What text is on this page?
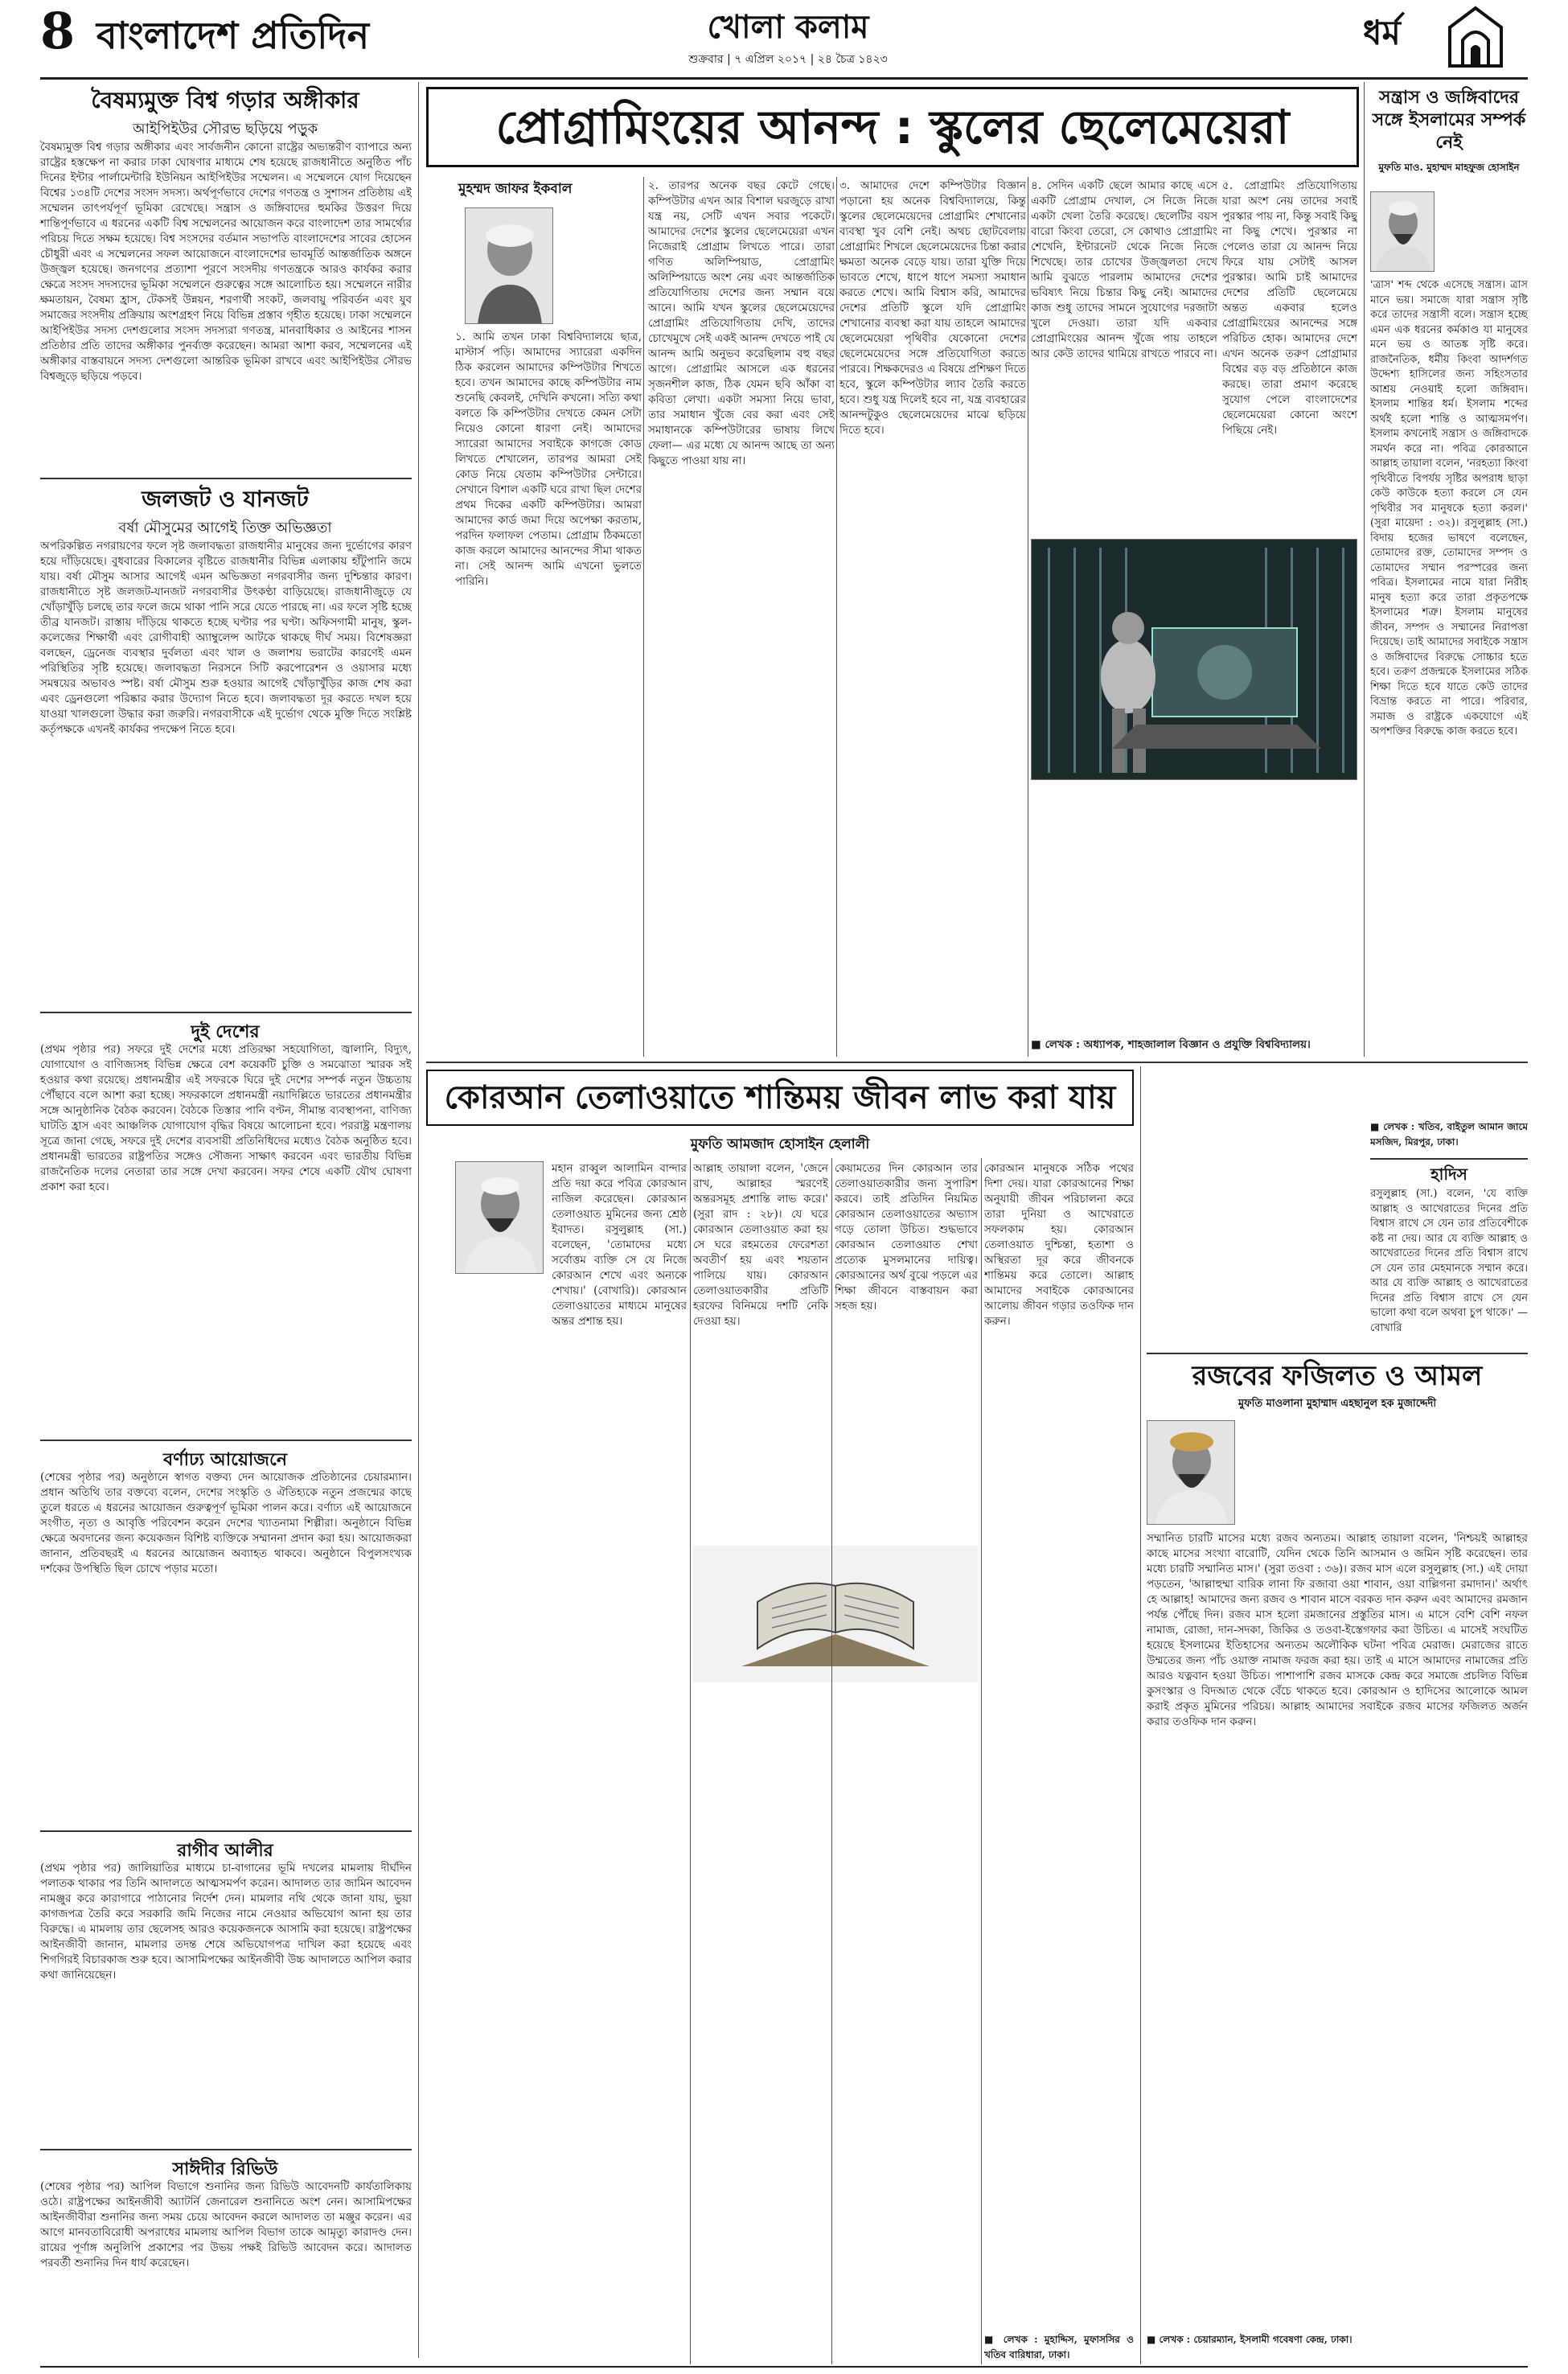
8 বাংলাদেশ প্রতিদিন	খোলা কলাম
শুক্রবার | ৭ এপ্রিল ২০১৭ | ২৪ চৈত্র ১৪২৩
ধর্ম
বৈষম্যমুক্ত বিশ্ব গড়ার অঙ্গীকার
আইপিইউর সৌরভ ছড়িয়ে পড়ুক
বৈষম্যমুক্ত বিশ্ব গড়ার অঙ্গীকার এবং সার্বজনীন কোনো রাষ্ট্রের অভ্যন্তরীণ ব্যাপারে অন্য রাষ্ট্রের হস্তক্ষেপ না করার ঢাকা ঘোষণার মাধ্যমে শেষ হয়েছে রাজধানীতে অনুষ্ঠিত পাঁচ দিনের ইন্টার পার্লামেন্টারি ইউনিয়ন আইপিইউর সম্মেলন। এ সম্মেলনে যোগ দিয়েছেন বিশ্বের ১৩৪টি দেশের সংসদ সদস্য। অর্থপূর্ণভাবে দেশের গণতন্ত্র ও সুশাসন প্রতিষ্ঠায় এই সম্মেলন তাৎপর্যপূর্ণ ভূমিকা রেখেছে। সন্ত্রাস ও জঙ্গিবাদের হুমকির উত্তরণ দিয়ে শান্তিপূর্ণভাবে এ ধরনের একটি বিশ্ব সম্মেলনের আয়োজন করে বাংলাদেশ তার সামর্থ্যের পরিচয় দিতে সক্ষম হয়েছে। বিশ্ব সংসদের বর্তমান সভাপতি বাংলাদেশের সাবের হোসেন চৌধুরী এবং এ সম্মেলনের সফল আয়োজনে বাংলাদেশের ভাবমূর্তি আন্তর্জাতিক অঙ্গনে উজ্জ্বল হয়েছে। জনগণের প্রত্যাশা পূরণে সংসদীয় গণতন্ত্রকে আরও কার্যকর করার ক্ষেত্রে সংসদ সদস্যদের ভূমিকা সম্মেলনে গুরুত্বের সঙ্গে আলোচিত হয়। সম্মেলনে নারীর ক্ষমতায়ন, বৈষম্য হ্রাস, টেকসই উন্নয়ন, শরণার্থী সংকট, জলবায়ু পরিবর্তন এবং যুব সমাজের সংসদীয় প্রক্রিয়ায় অংশগ্রহণ নিয়ে বিভিন্ন প্রস্তাব গৃহীত হয়েছে। ঢাকা সম্মেলনে আইপিইউর সদস্য দেশগুলোর সংসদ সদস্যরা গণতন্ত্র, মানবাধিকার ও আইনের শাসন প্রতিষ্ঠার প্রতি তাদের অঙ্গীকার পুনর্ব্যক্ত করেছেন। আমরা আশা করব, সম্মেলনের এই অঙ্গীকার বাস্তবায়নে সদস্য দেশগুলো আন্তরিক ভূমিকা রাখবে এবং আইপিইউর সৌরভ বিশ্বজুড়ে ছড়িয়ে পড়বে।
জলজট ও যানজট
বর্ষা মৌসুমের আগেই তিক্ত অভিজ্ঞতা
অপরিকল্পিত নগরায়ণের ফলে সৃষ্ট জলাবদ্ধতা রাজধানীর মানুষের জন্য দুর্ভোগের কারণ হয়ে দাঁড়িয়েছে। বুধবারের বিকালের বৃষ্টিতে রাজধানীর বিভিন্ন এলাকায় হাঁটুপানি জমে যায়। বর্ষা মৌসুম আসার আগেই এমন অভিজ্ঞতা নগরবাসীর জন্য দুশ্চিন্তার কারণ। রাজধানীতে সৃষ্ট জলজট-যানজট নগরবাসীর উৎকণ্ঠা বাড়িয়েছে। রাজধানীজুড়ে যে খোঁড়াখুঁড়ি চলছে তার ফলে জমে থাকা পানি সরে যেতে পারছে না। এর ফলে সৃষ্টি হচ্ছে তীব্র যানজট। রাস্তায় দাঁড়িয়ে থাকতে হচ্ছে ঘণ্টার পর ঘণ্টা। অফিসগামী মানুষ, স্কুল-কলেজের শিক্ষার্থী এবং রোগীবাহী অ্যাম্বুলেন্স আটকে থাকছে দীর্ঘ সময়। বিশেষজ্ঞরা বলছেন, ড্রেনেজ ব্যবস্থার দুর্বলতা এবং খাল ও জলাশয় ভরাটের কারণেই এমন পরিস্থিতির সৃষ্টি হয়েছে। জলাবদ্ধতা নিরসনে সিটি করপোরেশন ও ওয়াসার মধ্যে সমন্বয়ের অভাবও স্পষ্ট। বর্ষা মৌসুম শুরু হওয়ার আগেই খোঁড়াখুঁড়ির কাজ শেষ করা এবং ড্রেনগুলো পরিষ্কার করার উদ্যোগ নিতে হবে। জলাবদ্ধতা দূর করতে দখল হয়ে যাওয়া খালগুলো উদ্ধার করা জরুরি। নগরবাসীকে এই দুর্ভোগ থেকে মুক্তি দিতে সংশ্লিষ্ট কর্তৃপক্ষকে এখনই কার্যকর পদক্ষেপ নিতে হবে।
দুই দেশের
(প্রথম পৃষ্ঠার পর) সফরে দুই দেশের মধ্যে প্রতিরক্ষা সহযোগিতা, জ্বালানি, বিদ্যুৎ, যোগাযোগ ও বাণিজ্যসহ বিভিন্ন ক্ষেত্রে বেশ কয়েকটি চুক্তি ও সমঝোতা স্মারক সই হওয়ার কথা রয়েছে। প্রধানমন্ত্রীর এই সফরকে ঘিরে দুই দেশের সম্পর্ক নতুন উচ্চতায় পৌঁছাবে বলে আশা করা হচ্ছে। সফরকালে প্রধানমন্ত্রী নয়াদিল্লিতে ভারতের প্রধানমন্ত্রীর সঙ্গে আনুষ্ঠানিক বৈঠক করবেন। বৈঠকে তিস্তার পানি বণ্টন, সীমান্ত ব্যবস্থাপনা, বাণিজ্য ঘাটতি হ্রাস এবং আঞ্চলিক যোগাযোগ বৃদ্ধির বিষয়ে আলোচনা হবে। পররাষ্ট্র মন্ত্রণালয় সূত্রে জানা গেছে, সফরে দুই দেশের ব্যবসায়ী প্রতিনিধিদের মধ্যেও বৈঠক অনুষ্ঠিত হবে। প্রধানমন্ত্রী ভারতের রাষ্ট্রপতির সঙ্গেও সৌজন্য সাক্ষাৎ করবেন এবং ভারতীয় বিভিন্ন রাজনৈতিক দলের নেতারা তার সঙ্গে দেখা করবেন। সফর শেষে একটি যৌথ ঘোষণা প্রকাশ করা হবে।
বর্ণাঢ্য আয়োজনে
(শেষের পৃষ্ঠার পর) অনুষ্ঠানে স্বাগত বক্তব্য দেন আয়োজক প্রতিষ্ঠানের চেয়ারম্যান। প্রধান অতিথি তার বক্তব্যে বলেন, দেশের সংস্কৃতি ও ঐতিহ্যকে নতুন প্রজন্মের কাছে তুলে ধরতে এ ধরনের আয়োজন গুরুত্বপূর্ণ ভূমিকা পালন করে। বর্ণাঢ্য এই আয়োজনে সংগীত, নৃত্য ও আবৃত্তি পরিবেশন করেন দেশের খ্যাতনামা শিল্পীরা। অনুষ্ঠানে বিভিন্ন ক্ষেত্রে অবদানের জন্য কয়েকজন বিশিষ্ট ব্যক্তিকে সম্মাননা প্রদান করা হয়। আয়োজকরা জানান, প্রতিবছরই এ ধরনের আয়োজন অব্যাহত থাকবে। অনুষ্ঠানে বিপুলসংখ্যক দর্শকের উপস্থিতি ছিল চোখে পড়ার মতো।
রাগীব আলীর
(প্রথম পৃষ্ঠার পর) জালিয়াতির মাধ্যমে চা-বাগানের ভূমি দখলের মামলায় দীর্ঘদিন পলাতক থাকার পর তিনি আদালতে আত্মসমর্পণ করেন। আদালত তার জামিন আবেদন নামঞ্জুর করে কারাগারে পাঠানোর নির্দেশ দেন। মামলার নথি থেকে জানা যায়, ভুয়া কাগজপত্র তৈরি করে সরকারি জমি নিজের নামে নেওয়ার অভিযোগ আনা হয় তার বিরুদ্ধে। এ মামলায় তার ছেলেসহ আরও কয়েকজনকে আসামি করা হয়েছে। রাষ্ট্রপক্ষের আইনজীবী জানান, মামলার তদন্ত শেষে অভিযোগপত্র দাখিল করা হয়েছে এবং শিগগিরই বিচারকাজ শুরু হবে। আসামিপক্ষের আইনজীবী উচ্চ আদালতে আপিল করার কথা জানিয়েছেন।
সাঈদীর রিভিউ
(শেষের পৃষ্ঠার পর) আপিল বিভাগে শুনানির জন্য রিভিউ আবেদনটি কার্যতালিকায় ওঠে। রাষ্ট্রপক্ষের আইনজীবী অ্যাটর্নি জেনারেল শুনানিতে অংশ নেন। আসামিপক্ষের আইনজীবীরা শুনানির জন্য সময় চেয়ে আবেদন করলে আদালত তা মঞ্জুর করেন। এর আগে মানবতাবিরোধী অপরাধের মামলায় আপিল বিভাগ তাকে আমৃত্যু কারাদণ্ড দেন। রায়ের পূর্ণাঙ্গ অনুলিপি প্রকাশের পর উভয় পক্ষই রিভিউ আবেদন করে। আদালত পরবর্তী শুনানির দিন ধার্য করেছেন।
প্রোগ্রামিংয়ের আনন্দ : স্কুলের ছেলেমেয়েরা
মুহম্মদ জাফর ইকবাল
১. আমি তখন ঢাকা বিশ্ববিদ্যালয়ে ছাত্র, মাস্টার্স পড়ি। আমাদের স্যারেরা একদিন ঠিক করলেন আমাদের কম্পিউটার শিখতে হবে। তখন আমাদের কাছে কম্পিউটার নাম শুনেছি কেবলই, দেখিনি কখনো। সত্যি কথা বলতে কি কম্পিউটার দেখতে কেমন সেটা নিয়েও কোনো ধারণা নেই। আমাদের স্যারেরা আমাদের সবাইকে কাগজে কোড লিখতে শেখালেন, তারপর আমরা সেই কোড নিয়ে যেতাম কম্পিউটার সেন্টারে। সেখানে বিশাল একটি ঘরে রাখা ছিল দেশের প্রথম দিকের একটি কম্পিউটার। আমরা আমাদের কার্ড জমা দিয়ে অপেক্ষা করতাম, পরদিন ফলাফল পেতাম। প্রোগ্রাম ঠিকমতো কাজ করলে আমাদের আনন্দের সীমা থাকত না। সেই আনন্দ আমি এখনো ভুলতে পারিনি।
২. তারপর অনেক বছর কেটে গেছে। কম্পিউটার এখন আর বিশাল ঘরজুড়ে রাখা যন্ত্র নয়, সেটি এখন সবার পকেটে। আমাদের দেশের স্কুলের ছেলেমেয়েরা এখন নিজেরাই প্রোগ্রাম লিখতে পারে। তারা গণিত অলিম্পিয়াড, প্রোগ্রামিং অলিম্পিয়াডে অংশ নেয় এবং আন্তর্জাতিক প্রতিযোগিতায় দেশের জন্য সম্মান বয়ে আনে। আমি যখন স্কুলের ছেলেমেয়েদের প্রোগ্রামিং প্রতিযোগিতায় দেখি, তাদের চোখেমুখে সেই একই আনন্দ দেখতে পাই যে আনন্দ আমি অনুভব করেছিলাম বহু বছর আগে। প্রোগ্রামিং আসলে এক ধরনের সৃজনশীল কাজ, ঠিক যেমন ছবি আঁকা বা কবিতা লেখা। একটা সমস্যা নিয়ে ভাবা, তার সমাধান খুঁজে বের করা এবং সেই সমাধানকে কম্পিউটারের ভাষায় লিখে ফেলা— এর মধ্যে যে আনন্দ আছে তা অন্য কিছুতে পাওয়া যায় না।
৩. আমাদের দেশে কম্পিউটার বিজ্ঞান পড়ানো হয় অনেক বিশ্ববিদ্যালয়ে, কিন্তু স্কুলের ছেলেমেয়েদের প্রোগ্রামিং শেখানোর ব্যবস্থা খুব বেশি নেই। অথচ ছোটবেলায় প্রোগ্রামিং শিখলে ছেলেমেয়েদের চিন্তা করার ক্ষমতা অনেক বেড়ে যায়। তারা যুক্তি দিয়ে ভাবতে শেখে, ধাপে ধাপে সমস্যা সমাধান করতে শেখে। আমি বিশ্বাস করি, আমাদের দেশের প্রতিটি স্কুলে যদি প্রোগ্রামিং শেখানোর ব্যবস্থা করা যায় তাহলে আমাদের ছেলেমেয়েরা পৃথিবীর যেকোনো দেশের ছেলেমেয়েদের সঙ্গে প্রতিযোগিতা করতে পারবে। শিক্ষকদেরও এ বিষয়ে প্রশিক্ষণ দিতে হবে, স্কুলে কম্পিউটার ল্যাব তৈরি করতে হবে। শুধু যন্ত্র দিলেই হবে না, যন্ত্র ব্যবহারের আনন্দটুকুও ছেলেমেয়েদের মাঝে ছড়িয়ে দিতে হবে।
৪. সেদিন একটি ছেলে আমার কাছে এসে একটি প্রোগ্রাম দেখাল, সে নিজে নিজে একটা খেলা তৈরি করেছে। ছেলেটির বয়স বারো কিংবা তেরো, সে কোথাও প্রোগ্রামিং শেখেনি, ইন্টারনেট থেকে নিজে নিজে শিখেছে। তার চোখের উজ্জ্বলতা দেখে আমি বুঝতে পারলাম আমাদের দেশের ভবিষ্যৎ নিয়ে চিন্তার কিছু নেই। আমাদের কাজ শুধু তাদের সামনে সুযোগের দরজাটা খুলে দেওয়া। তারা যদি একবার প্রোগ্রামিংয়ের আনন্দ খুঁজে পায় তাহলে আর কেউ তাদের থামিয়ে রাখতে পারবে না।
৫. প্রোগ্রামিং প্রতিযোগিতায় যারা অংশ নেয় তাদের সবাই পুরস্কার পায় না, কিন্তু সবাই কিছু না কিছু শেখে। পুরস্কার না পেলেও তারা যে আনন্দ নিয়ে ফিরে যায় সেটাই আসল পুরস্কার। আমি চাই আমাদের দেশের প্রতিটি ছেলেমেয়ে অন্তত একবার হলেও প্রোগ্রামিংয়ের আনন্দের সঙ্গে পরিচিত হোক। আমাদের দেশে এখন অনেক তরুণ প্রোগ্রামার বিশ্বের বড় বড় প্রতিষ্ঠানে কাজ করছে। তারা প্রমাণ করেছে সুযোগ পেলে বাংলাদেশের ছেলেমেয়েরা কোনো অংশে পিছিয়ে নেই।
■ লেখক : অধ্যাপক, শাহজালাল বিজ্ঞান ও প্রযুক্তি বিশ্ববিদ্যালয়।
সন্ত্রাস ও জঙ্গিবাদের সঙ্গে ইসলামের সম্পর্ক নেই
মুফতি মাও. মুহাম্মদ মাহফুজ হোসাইন
'ত্রাস' শব্দ থেকে এসেছে সন্ত্রাস। ত্রাস মানে ভয়। সমাজে যারা সন্ত্রাস সৃষ্টি করে তাদের সন্ত্রাসী বলে। সন্ত্রাস হচ্ছে এমন এক ধরনের কর্মকাণ্ড যা মানুষের মনে ভয় ও আতঙ্ক সৃষ্টি করে। রাজনৈতিক, ধর্মীয় কিংবা আদর্শগত উদ্দেশ্য হাসিলের জন্য সহিংসতার আশ্রয় নেওয়াই হলো জঙ্গিবাদ। ইসলাম শান্তির ধর্ম। ইসলাম শব্দের অর্থই হলো শান্তি ও আত্মসমর্পণ। ইসলাম কখনোই সন্ত্রাস ও জঙ্গিবাদকে সমর্থন করে না। পবিত্র কোরআনে আল্লাহ তায়ালা বলেন, 'নরহত্যা কিংবা পৃথিবীতে বিপর্যয় সৃষ্টির অপরাধ ছাড়া কেউ কাউকে হত্যা করলে সে যেন পৃথিবীর সব মানুষকে হত্যা করল।' (সুরা মায়েদা : ৩২)। রসুলুল্লাহ (সা.) বিদায় হজের ভাষণে বলেছেন, তোমাদের রক্ত, তোমাদের সম্পদ ও তোমাদের সম্মান পরস্পরের জন্য পবিত্র। ইসলামের নামে যারা নিরীহ মানুষ হত্যা করে তারা প্রকৃতপক্ষে ইসলামের শত্রু। ইসলাম মানুষের জীবন, সম্পদ ও সম্মানের নিরাপত্তা দিয়েছে। তাই আমাদের সবাইকে সন্ত্রাস ও জঙ্গিবাদের বিরুদ্ধে সোচ্চার হতে হবে। তরুণ প্রজন্মকে ইসলামের সঠিক শিক্ষা দিতে হবে যাতে কেউ তাদের বিভ্রান্ত করতে না পারে। পরিবার, সমাজ ও রাষ্ট্রকে একযোগে এই অপশক্তির বিরুদ্ধে কাজ করতে হবে।
■ লেখক : খতিব, বাইতুল আমান জামে মসজিদ, মিরপুর, ঢাকা।
হাদিস
রসুলুল্লাহ (সা.) বলেন, 'যে ব্যক্তি আল্লাহ ও আখেরাতের দিনের প্রতি বিশ্বাস রাখে সে যেন তার প্রতিবেশীকে কষ্ট না দেয়। আর যে ব্যক্তি আল্লাহ ও আখেরাতের দিনের প্রতি বিশ্বাস রাখে সে যেন তার মেহমানকে সম্মান করে। আর যে ব্যক্তি আল্লাহ ও আখেরাতের দিনের প্রতি বিশ্বাস রাখে সে যেন ভালো কথা বলে অথবা চুপ থাকে।' —বোখারি
কোরআন তেলাওয়াতে শান্তিময় জীবন লাভ করা যায়
মুফতি আমজাদ হোসাইন হেলালী
মহান রাব্বুল আলামিন বান্দার প্রতি দয়া করে পবিত্র কোরআন নাজিল করেছেন। কোরআন তেলাওয়াত মুমিনের জন্য শ্রেষ্ঠ ইবাদত। রসুলুল্লাহ (সা.) বলেছেন, 'তোমাদের মধ্যে সর্বোত্তম ব্যক্তি সে যে নিজে কোরআন শেখে এবং অন্যকে শেখায়।' (বোখারি)। কোরআন তেলাওয়াতের মাধ্যমে মানুষের অন্তর প্রশান্ত হয়।
আল্লাহ তায়ালা বলেন, 'জেনে রাখ, আল্লাহর স্মরণেই অন্তরসমূহ প্রশান্তি লাভ করে।' (সুরা রাদ : ২৮)। যে ঘরে কোরআন তেলাওয়াত করা হয় সে ঘরে রহমতের ফেরেশতা অবতীর্ণ হয় এবং শয়তান পালিয়ে যায়। কোরআন তেলাওয়াতকারীর প্রতিটি হরফের বিনিময়ে দশটি নেকি দেওয়া হয়।
কেয়ামতের দিন কোরআন তার তেলাওয়াতকারীর জন্য সুপারিশ করবে। তাই প্রতিদিন নিয়মিত কোরআন তেলাওয়াতের অভ্যাস গড়ে তোলা উচিত। শুদ্ধভাবে কোরআন তেলাওয়াত শেখা প্রত্যেক মুসলমানের দায়িত্ব। কোরআনের অর্থ বুঝে পড়লে এর শিক্ষা জীবনে বাস্তবায়ন করা সহজ হয়।
কোরআন মানুষকে সঠিক পথের দিশা দেয়। যারা কোরআনের শিক্ষা অনুযায়ী জীবন পরিচালনা করে তারা দুনিয়া ও আখেরাতে সফলকাম হয়। কোরআন তেলাওয়াত দুশ্চিন্তা, হতাশা ও অস্থিরতা দূর করে জীবনকে শান্তিময় করে তোলে। আল্লাহ আমাদের সবাইকে কোরআনের আলোয় জীবন গড়ার তওফিক দান করুন।
■ লেখক : মুহাদ্দিস, মুফাসসির ও খতিব বারিধারা, ঢাকা।
রজবের ফজিলত ও আমল
মুফতি মাওলানা মুহাম্মাদ এহছানুল হক মুজাদ্দেদী
সম্মানিত চারটি মাসের মধ্যে রজব অন্যতম। আল্লাহ তায়ালা বলেন, 'নিশ্চয়ই আল্লাহর কাছে মাসের সংখ্যা বারোটি, যেদিন থেকে তিনি আসমান ও জমিন সৃষ্টি করেছেন। তার মধ্যে চারটি সম্মানিত মাস।' (সুরা তওবা : ৩৬)। রজব মাস এলে রসুলুল্লাহ (সা.) এই দোয়া পড়তেন, 'আল্লাহুম্মা বারিক লানা ফি রজাবা ওয়া শাবান, ওয়া বাল্লিগনা রমাদান।' অর্থাৎ হে আল্লাহ! আমাদের জন্য রজব ও শাবান মাসে বরকত দান করুন এবং আমাদের রমজান পর্যন্ত পৌঁছে দিন। রজব মাস হলো রমজানের প্রস্তুতির মাস। এ মাসে বেশি বেশি নফল নামাজ, রোজা, দান-সদকা, জিকির ও তওবা-ইস্তেগফার করা উচিত। এ মাসেই সংঘটিত হয়েছে ইসলামের ইতিহাসের অন্যতম অলৌকিক ঘটনা পবিত্র মেরাজ। মেরাজের রাতে উম্মতের জন্য পাঁচ ওয়াক্ত নামাজ ফরজ করা হয়। তাই এ মাসে আমাদের নামাজের প্রতি আরও যত্নবান হওয়া উচিত। পাশাপাশি রজব মাসকে কেন্দ্র করে সমাজে প্রচলিত বিভিন্ন কুসংস্কার ও বিদআত থেকে বেঁচে থাকতে হবে। কোরআন ও হাদিসের আলোকে আমল করাই প্রকৃত মুমিনের পরিচয়। আল্লাহ আমাদের সবাইকে রজব মাসের ফজিলত অর্জন করার তওফিক দান করুন।
■ লেখক : চেয়ারম্যান, ইসলামী গবেষণা কেন্দ্র, ঢাকা।
